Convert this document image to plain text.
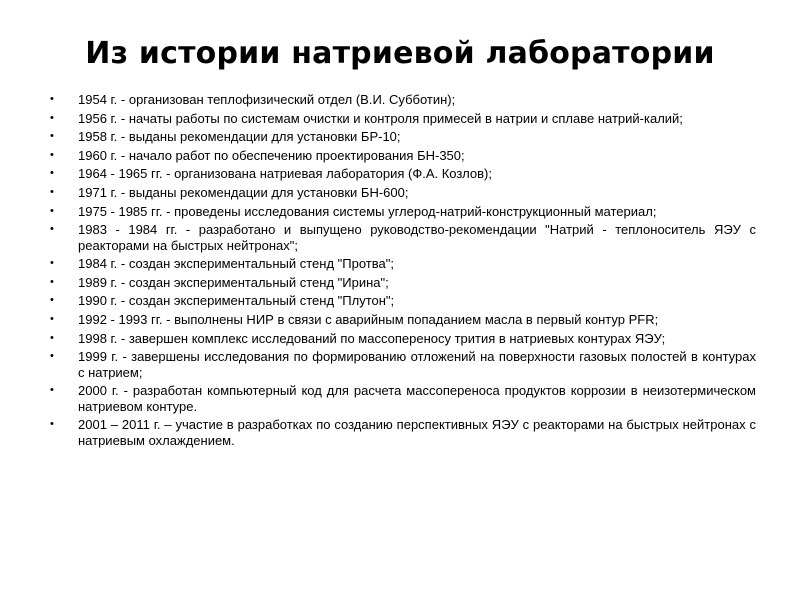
Из истории натриевой лаборатории
• 1954 г. - организован теплофизический отдел (В.И. Субботин);
• 1956 г. - начаты работы по системам очистки и контроля примесей в натрии и сплаве натрий-калий;
• 1958 г. - выданы рекомендации для установки БР-10;
• 1960 г. - начало работ по обеспечению проектирования БН-350;
• 1964 - 1965 гг. - организована натриевая лаборатория (Ф.А. Козлов);
• 1971 г. - выданы рекомендации для установки БН-600;
• 1975 - 1985 гг. - проведены исследования системы углерод-натрий-конструкционный материал;
• 1983 - 1984 гг. - разработано и выпущено руководство-рекомендации "Натрий - теплоноситель ЯЭУ с реакторами на быстрых нейтронах";
• 1984 г. - создан экспериментальный стенд "Протва";
• 1989 г. - создан экспериментальный стенд "Ирина";
• 1990 г. - создан экспериментальный стенд "Плутон";
• 1992 - 1993 гг. - выполнены НИР в связи с аварийным попаданием масла в первый контур PFR;
• 1998 г. - завершен комплекс исследований по массопереносу трития в натриевых контурах ЯЭУ;
• 1999 г. - завершены исследования по формированию отложений на поверхности газовых полостей в контурах с натрием;
• 2000 г. - разработан компьютерный код для расчета массопереноса продуктов коррозии в неизотермическом натриевом контуре.
• 2001 – 2011 г. – участие в разработках по созданию перспективных ЯЭУ с реакторами на быстрых нейтронах с натриевым охлаждением.
